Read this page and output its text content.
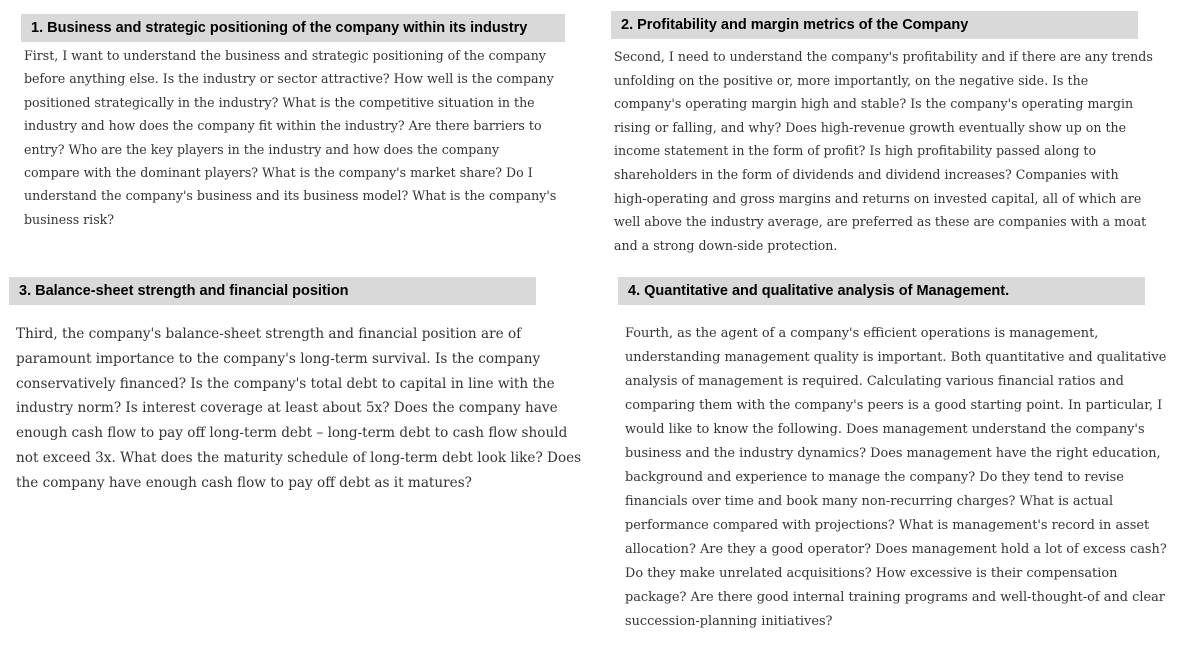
1. Business and strategic positioning of the company within its industry
First, I want to understand the business and strategic positioning of the company
before anything else. Is the industry or sector attractive? How well is the company
positioned strategically in the industry? What is the competitive situation in the
industry and how does the company fit within the industry? Are there barriers to
entry? Who are the key players in the industry and how does the company
compare with the dominant players? What is the company's market share? Do I
understand the company's business and its business model? What is the company's
business risk?
2. Profitability and margin metrics of the Company
Second, I need to understand the company's profitability and if there are any trends
unfolding on the positive or, more importantly, on the negative side. Is the
company's operating margin high and stable? Is the company's operating margin
rising or falling, and why? Does high-revenue growth eventually show up on the
income statement in the form of profit? Is high profitability passed along to
shareholders in the form of dividends and dividend increases? Companies with
high-operating and gross margins and returns on invested capital, all of which are
well above the industry average, are preferred as these are companies with a moat
and a strong down-side protection.
3. Balance-sheet strength and financial position
Third, the company's balance-sheet strength and financial position are of
paramount importance to the company's long-term survival. Is the company
conservatively financed? Is the company's total debt to capital in line with the
industry norm? Is interest coverage at least about 5x? Does the company have
enough cash flow to pay off long-term debt – long-term debt to cash flow should
not exceed 3x. What does the maturity schedule of long-term debt look like? Does
the company have enough cash flow to pay off debt as it matures?
4. Quantitative and qualitative analysis of Management.
Fourth, as the agent of a company's efficient operations is management,
understanding management quality is important. Both quantitative and qualitative
analysis of management is required. Calculating various financial ratios and
comparing them with the company's peers is a good starting point. In particular, I
would like to know the following. Does management understand the company's
business and the industry dynamics? Does management have the right education,
background and experience to manage the company? Do they tend to revise
financials over time and book many non-recurring charges? What is actual
performance compared with projections? What is management's record in asset
allocation? Are they a good operator? Does management hold a lot of excess cash?
Do they make unrelated acquisitions? How excessive is their compensation
package? Are there good internal training programs and well-thought-of and clear
succession-planning initiatives?
